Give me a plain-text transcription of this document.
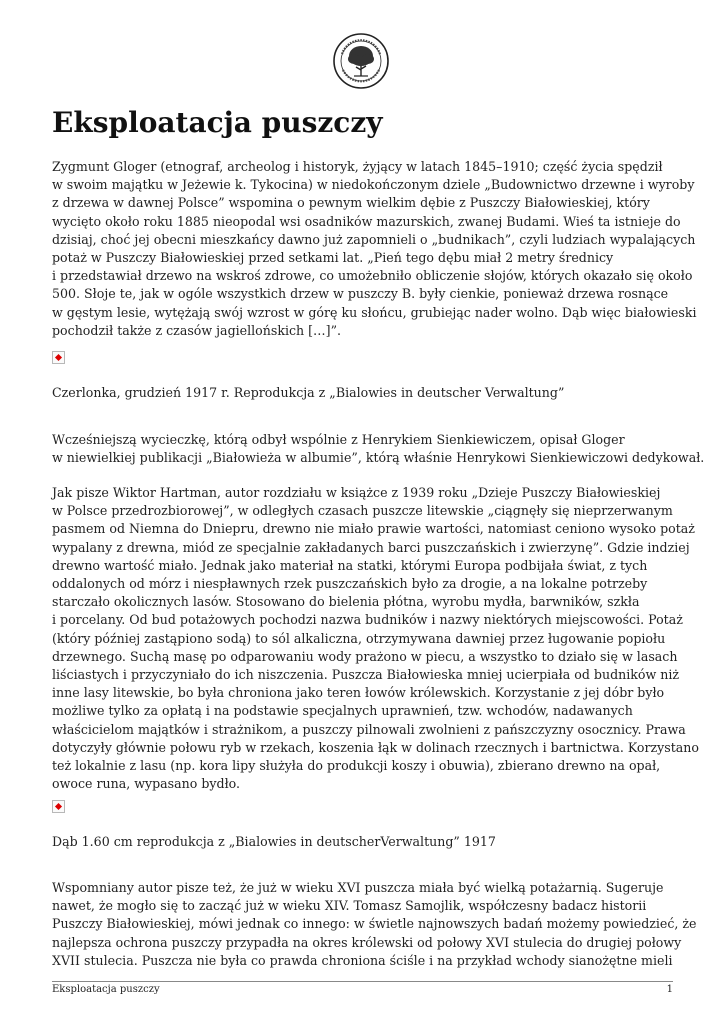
Eksploatacja puszczy
Zygmunt Gloger (etnograf, archeolog i historyk, żyjący w latach 1845–1910; część życia spędził
w swoim majątku w Jeżewie k. Tykocina) w niedokończonym dziele „Budownictwo drzewne i wyroby
z drzewa w dawnej Polsce” wspomina o pewnym wielkim dębie z Puszczy Białowieskiej, który
wycięto około roku 1885 nieopodal wsi osadników mazurskich, zwanej Budami. Wieś ta istnieje do
dzisiaj, choć jej obecni mieszkańcy dawno już zapomnieli o „budnikach”, czyli ludziach wypalających
potaż w Puszczy Białowieskiej przed setkami lat. „Pień tego dębu miał 2 metry średnicy
i przedstawiał drzewo na wskroś zdrowe, co umożebniło obliczenie słojów, których okazało się około
500. Słoje te, jak w ogóle wszystkich drzew w puszczy B. były cienkie, ponieważ drzewa rosnące
w gęstym lesie, wytężają swój wzrost w górę ku słońcu, grubiejąc nader wolno. Dąb więc białowieski
pochodził także z czasów jagiellońskich […]”.
Czerlonka, grudzień 1917 r. Reprodukcja z „Bialowies in deutscher Verwaltung”
Wcześniejszą wycieczkę, którą odbył wspólnie z Henrykiem Sienkiewiczem, opisał Gloger
w niewielkiej publikacji „Białowieża w albumie”, którą właśnie Henrykowi Sienkiewiczowi dedykował.
Jak pisze Wiktor Hartman, autor rozdziału w książce z 1939 roku „Dzieje Puszczy Białowieskiej
w Polsce przedrozbiorowej”, w odległych czasach puszcze litewskie „ciągnęły się nieprzerwanym
pasmem od Niemna do Dniepru, drewno nie miało prawie wartości, natomiast ceniono wysoko potaż
wypalany z drewna, miód ze specjalnie zakładanych barci puszczańskich i zwierzynę”. Gdzie indziej
drewno wartość miało. Jednak jako materiał na statki, którymi Europa podbijała świat, z tych
oddalonych od mórz i niespławnych rzek puszczańskich było za drogie, a na lokalne potrzeby
starczało okolicznych lasów. Stosowano do bielenia płótna, wyrobu mydła, barwników, szkła
i porcelany. Od bud potażowych pochodzi nazwa budników i nazwy niektórych miejscowości. Potaż
(który później zastąpiono sodą) to sól alkaliczna, otrzymywana dawniej przez ługowanie popiołu
drzewnego. Suchą masę po odparowaniu wody prażono w piecu, a wszystko to działo się w lasach
liściastych i przyczyniało do ich niszczenia. Puszcza Białowieska mniej ucierpiała od budników niż
inne lasy litewskie, bo była chroniona jako teren łowów królewskich. Korzystanie z jej dóbr było
możliwe tylko za opłatą i na podstawie specjalnych uprawnień, tzw. wchodów, nadawanych
właścicielom majątków i strażnikom, a puszczy pilnowali zwolnieni z pańszczyzny osocznicy. Prawa
dotyczyły głównie połowu ryb w rzekach, koszenia łąk w dolinach rzecznych i bartnictwa. Korzystano
też lokalnie z lasu (np. kora lipy służyła do produkcji koszy i obuwia), zbierano drewno na opał,
owoce runa, wypasano bydło.
Dąb 1.60 cm reprodukcja z „Bialowies in deutscherVerwaltung” 1917
Wspomniany autor pisze też, że już w wieku XVI puszcza miała być wielką potażarnią. Sugeruje
nawet, że mogło się to zacząć już w wieku XIV. Tomasz Samojlik, współczesny badacz historii
Puszczy Białowieskiej, mówi jednak co innego: w świetle najnowszych badań możemy powiedzieć, że
najlepsza ochrona puszczy przypadła na okres królewski od połowy XVI stulecia do drugiej połowy
XVII stulecia. Puszcza nie była co prawda chroniona ściśle i na przykład wchody sianożętne mieli
Eksploatacja puszczy	1
